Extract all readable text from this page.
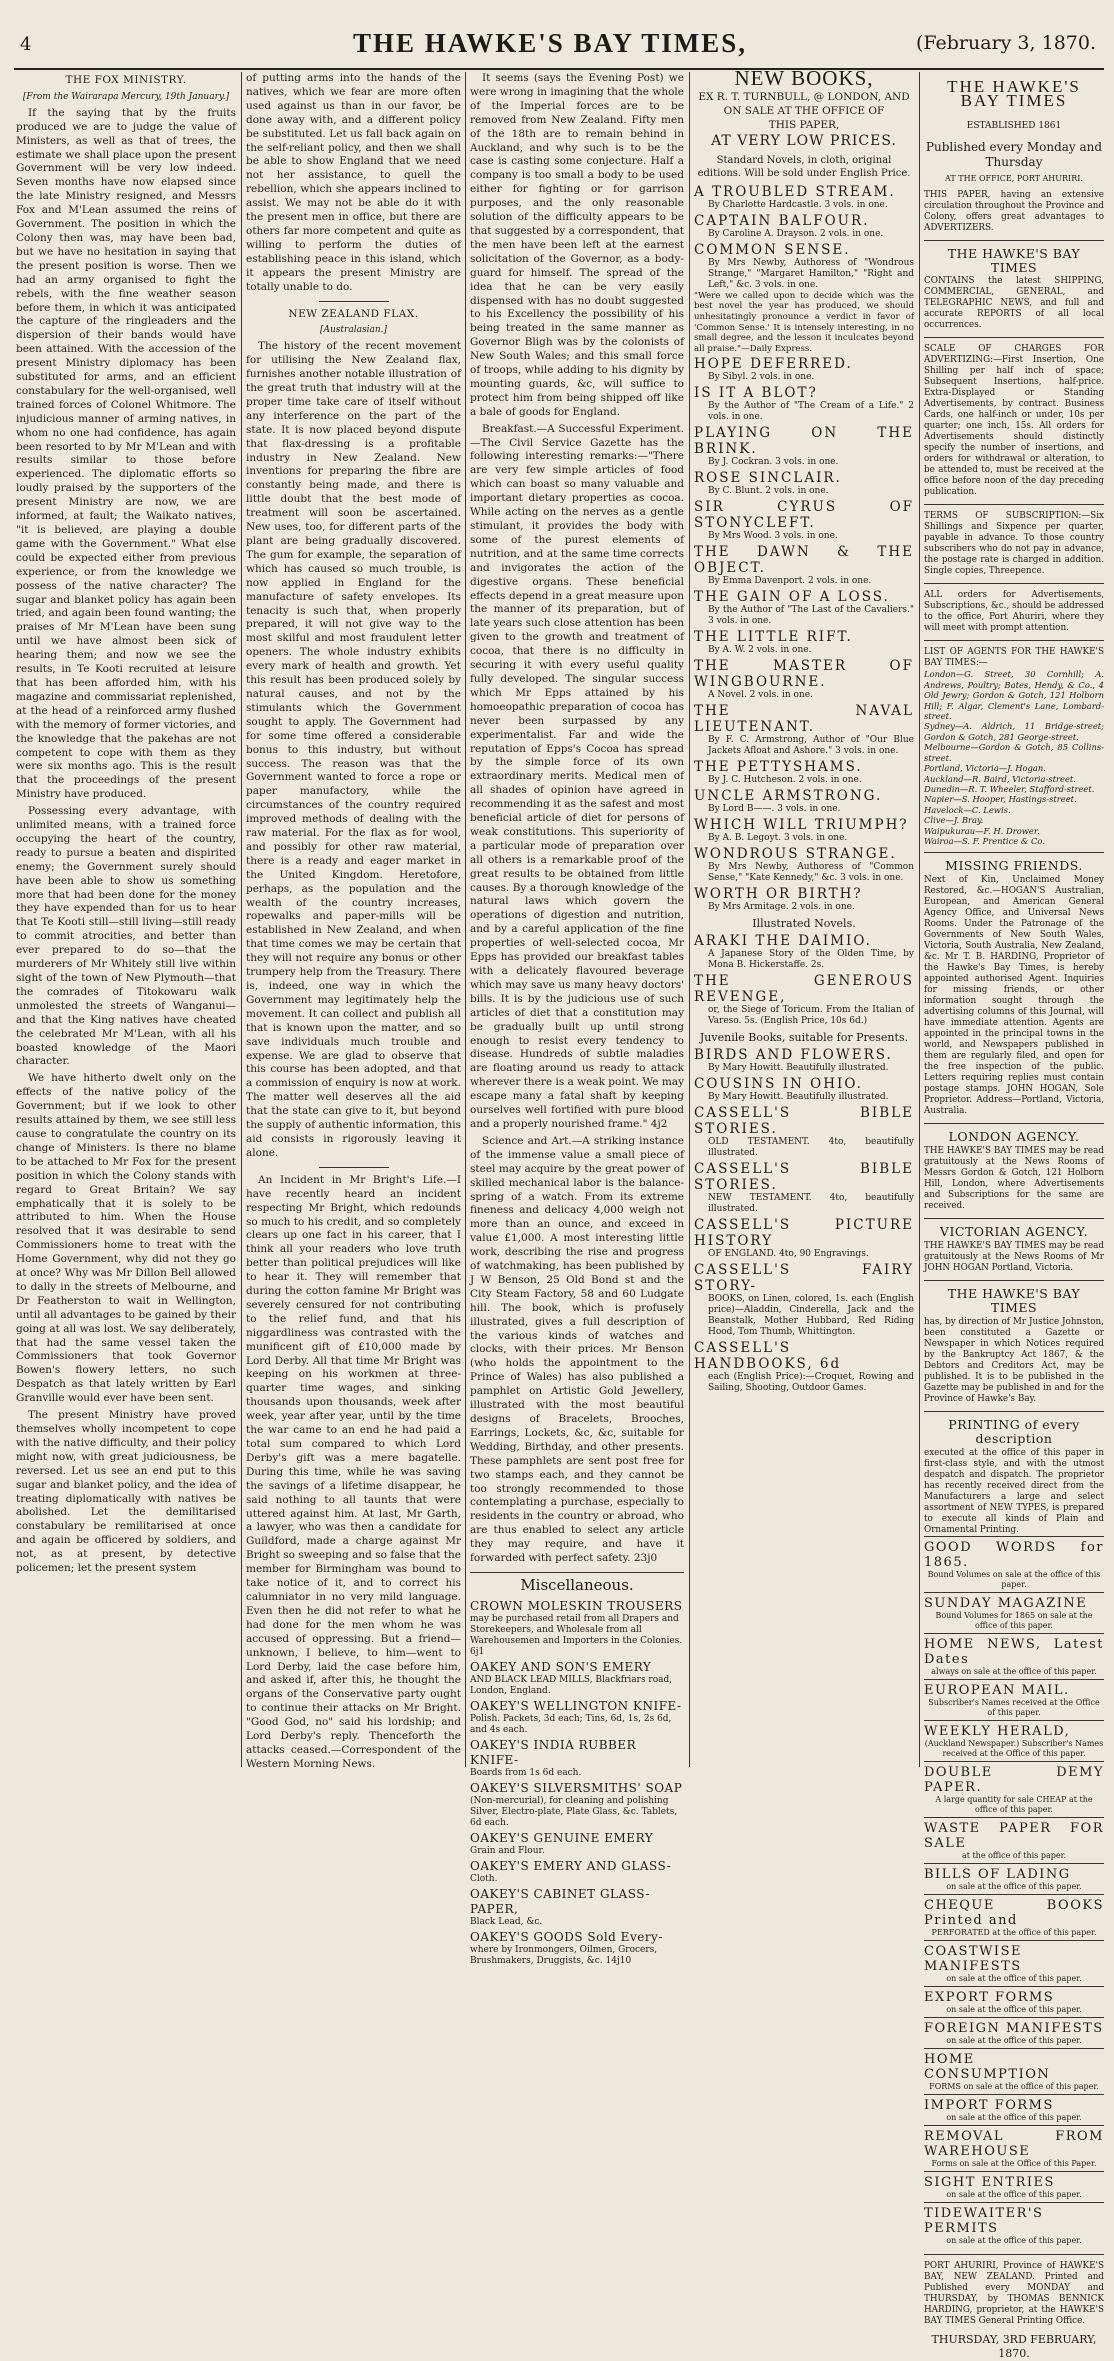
4	THE HAWKE'S BAY TIMES,	(February 3, 1870.
THE FOX MINISTRY.
[From the Wairarapa Mercury, 19th January.]

If the saying that by the fruits produced we are to judge the value of Ministers, as well as that of trees, the estimate we shall place upon the present Government will be very low indeed. Seven months have now elapsed since the late Ministry resigned, and Messrs Fox and M'Lean assumed the reins of Government. The position in which the Colony then was, may have been bad, but we have no hesitation in saying that the present position is worse. Then we had an army organised to fight the rebels, with the fine weather season before them, in which it was anticipated the capture of the ringleaders and the dispersion of their bands would have been attained. With the accession of the present Ministry diplomacy has been substituted for arms, and an efficient constabulary for the well-organised, well trained forces of Colonel Whitmore. The injudicious manner of arming natives, in whom no one had confidence, has again been resorted to by Mr M'Lean and with results similar to those before experienced. The diplomatic efforts so loudly praised by the supporters of the present Ministry are now, we are informed, at fault; the Waikato natives, "it is believed, are playing a double game with the Government." What else could be expected either from previous experience, or from the knowledge we possess of the native character? The sugar and blanket policy has again been tried, and again been found wanting; the praises of Mr M'Lean have been sung until we have almost been sick of hearing them; and now we see the results, in Te Kooti recruited at leisure that has been afforded him, with his magazine and commissariat replenished, at the head of a reinforced army flushed with the memory of former victories, and the knowledge that the pakehas are not competent to cope with them as they were six months ago. This is the result that the proceedings of the present Ministry have produced.

Possessing every advantage, with unlimited means, with a trained force occupying the heart of the country, ready to pursue a beaten and dispirited enemy; the Government surely should have been able to show us something more that had been done for the money they have expended than for us to hear that Te Kooti still—still living—still ready to commit atrocities, and better than ever prepared to do so—that the murderers of Mr Whitely still live within sight of the town of New Plymouth—that the comrades of Titokowaru walk unmolested the streets of Wanganui—and that the King natives have cheated the celebrated Mr M'Lean, with all his boasted knowledge of the Maori character.

We have hitherto dwelt only on the effects of the native policy of the Government; but if we look to other results attained by them, we see still less cause to congratulate the country on its change of Ministers. Is there no blame to be attached to Mr Fox for the present position in which the Colony stands with regard to Great Britain? We say emphatically that it is solely to be attributed to him. When the House resolved that it was desirable to send Commissioners home to treat with the Home Government, why did not they go at once? Why was Mr Dillon Bell allowed to dally in the streets of Melbourne, and Dr Featherston to wait in Wellington, until all advantages to be gained by their going at all was lost. We say deliberately, that had the same vessel taken the Commissioners that took Governor Bowen's flowery letters, no such Despatch as that lately written by Earl Granville would ever have been sent.

The present Ministry have proved themselves wholly incompetent to cope with the native difficulty, and their policy might now, with great judiciousness, be reversed. Let us see an end put to this sugar and blanket policy, and the idea of treating diplomatically with natives be abolished. Let the demilitarised constabulary be remilitarised at once and again be officered by soldiers, and not, as at present, by detective policemen; let the present system

of putting arms into the hands of the natives, which we fear are more often used against us than in our favor, be done away with, and a different policy be substituted. Let us fall back again on the self-reliant policy, and then we shall be able to show England that we need not her assistance, to quell the rebellion, which she appears inclined to assist. We may not be able do it with the present men in office, but there are others far more competent and quite as willing to perform the duties of establishing peace in this island, which it appears the present Ministry are totally unable to do.

NEW ZEALAND FLAX.
[Australasian.]

The history of the recent movement for utilising the New Zealand flax, furnishes another notable illustration of the great truth that industry will at the proper time take care of itself without any interference on the part of the state. It is now placed beyond dispute that flax-dressing is a profitable industry in New Zealand. New inventions for preparing the fibre are constantly being made, and there is little doubt that the best mode of treatment will soon be ascertained. New uses, too, for different parts of the plant are being gradually discovered. The gum for example, the separation of which has caused so much trouble, is now applied in England for the manufacture of safety envelopes. Its tenacity is such that, when properly prepared, it will not give way to the most skilful and most fraudulent letter openers. The whole industry exhibits every mark of health and growth. Yet this result has been produced solely by natural causes, and not by the stimulants which the Government sought to apply. The Government had for some time offered a considerable bonus to this industry, but without success. The reason was that the Government wanted to force a rope or paper manufactory, while the circumstances of the country required improved methods of dealing with the raw material. For the flax as for wool, and possibly for other raw material, there is a ready and eager market in the United Kingdom. Heretofore, perhaps, as the population and the wealth of the country increases, ropewalks and paper-mills will be established in New Zealand, and when that time comes we may be certain that they will not require any bonus or other trumpery help from the Treasury. There is, indeed, one way in which the Government may legitimately help the movement. It can collect and publish all that is known upon the matter, and so save individuals much trouble and expense. We are glad to observe that this course has been adopted, and that a commission of enquiry is now at work. The matter well deserves all the aid that the state can give to it, but beyond the supply of authentic information, this aid consists in rigorously leaving it alone.

An Incident in Mr Bright's Life.—I have recently heard an incident respecting Mr Bright, which redounds so much to his credit, and so completely clears up one fact in his career, that I think all your readers who love truth better than political prejudices will like to hear it. They will remember that during the cotton famine Mr Bright was severely censured for not contributing to the relief fund, and that his niggardliness was contrasted with the munificent gift of £10,000 made by Lord Derby. All that time Mr Bright was keeping on his workmen at three-quarter time wages, and sinking thousands upon thousands, week after week, year after year, until by the time the war came to an end he had paid a total sum compared to which Lord Derby's gift was a mere bagatelle. During this time, while he was saving the savings of a lifetime disappear, he said nothing to all taunts that were uttered against him. At last, Mr Garth, a lawyer, who was then a candidate for Guildford, made a charge against Mr Bright so sweeping and so false that the member for Birmingham was bound to take notice of it, and to correct his calumniator in no very mild language. Even then he did not refer to what he had done for the men whom he was accused of oppressing. But a friend—unknown, I believe, to him—went to Lord Derby, laid the case before him, and asked if, after this, he thought the organs of the Conservative party ought to continue their attacks on Mr Bright. "Good God, no" said his lordship; and Lord Derby's reply. Thenceforth the attacks ceased.—Correspondent of the Western Morning News.

It seems (says the Evening Post) we were wrong in imagining that the whole of the Imperial forces are to be removed from New Zealand. Fifty men of the 18th are to remain behind in Auckland, and why such is to be the case is casting some conjecture. Half a company is too small a body to be used either for fighting or for garrison purposes, and the only reasonable solution of the difficulty appears to be that suggested by a correspondent, that the men have been left at the earnest solicitation of the Governor, as a body-guard for himself. The spread of the idea that he can be very easily dispensed with has no doubt suggested to his Excellency the possibility of his being treated in the same manner as Governor Bligh was by the colonists of New South Wales; and this small force of troops, while adding to his dignity by mounting guards, &c, will suffice to protect him from being shipped off like a bale of goods for England.

Breakfast.—A Successful Experiment.—The Civil Service Gazette has the following interesting remarks:—"There are very few simple articles of food which can boast so many valuable and important dietary properties as cocoa. While acting on the nerves as a gentle stimulant, it provides the body with some of the purest elements of nutrition, and at the same time corrects and invigorates the action of the digestive organs. These beneficial effects depend in a great measure upon the manner of its preparation, but of late years such close attention has been given to the growth and treatment of cocoa, that there is no difficulty in securing it with every useful quality fully developed. The singular success which Mr Epps attained by his homoeopathic preparation of cocoa has never been surpassed by any experimentalist. Far and wide the reputation of Epps's Cocoa has spread by the simple force of its own extraordinary merits. Medical men of all shades of opinion have agreed in recommending it as the safest and most beneficial article of diet for persons of weak constitutions. This superiority of a particular mode of preparation over all others is a remarkable proof of the great results to be obtained from little causes. By a thorough knowledge of the natural laws which govern the operations of digestion and nutrition, and by a careful application of the fine properties of well-selected cocoa, Mr Epps has provided our breakfast tables with a delicately flavoured beverage which may save us many heavy doctors' bills. It is by the judicious use of such articles of diet that a constitution may be gradually built up until strong enough to resist every tendency to disease. Hundreds of subtle maladies are floating around us ready to attack wherever there is a weak point. We may escape many a fatal shaft by keeping ourselves well fortified with pure blood and a properly nourished frame." 4j2

Science and Art.—A striking instance of the immense value a small piece of steel may acquire by the great power of skilled mechanical labor is the balance-spring of a watch. From its extreme fineness and delicacy 4,000 weigh not more than an ounce, and exceed in value £1,000. A most interesting little work, describing the rise and progress of watchmaking, has been published by J W Benson, 25 Old Bond st and the City Steam Factory, 58 and 60 Ludgate hill. The book, which is profusely illustrated, gives a full description of the various kinds of watches and clocks, with their prices. Mr Benson (who holds the appointment to the Prince of Wales) has also published a pamphlet on Artistic Gold Jewellery, illustrated with the most beautiful designs of Bracelets, Brooches, Earrings, Lockets, &c, &c, suitable for Wedding, Birthday, and other presents. These pamphlets are sent post free for two stamps each, and they cannot be too strongly recommended to those contemplating a purchase, especially to residents in the country or abroad, who are thus enabled to select any article they may require, and have it forwarded with perfect safety. 23j0

Miscellaneous.
CROWN MOLESKIN TROUSERS
may be purchased retail from all Drapers and Storekeepers, and Wholesale from all Warehousemen and Importers in the Colonies. 6j1
OAKEY AND SON'S EMERY
AND BLACK LEAD MILLS, Blackfriars road, London, England.
OAKEY'S WELLINGTON KNIFE-
Polish. Packets, 3d each; Tins, 6d, 1s, 2s 6d, and 4s each.
OAKEY'S INDIA RUBBER KNIFE-
Boards from 1s 6d each.
OAKEY'S SILVERSMITHS' SOAP
(Non-mercurial), for cleaning and polishing Silver, Electro-plate, Plate Glass, &c. Tablets, 6d each.
OAKEY'S GENUINE EMERY
Grain and Flour.
OAKEY'S EMERY AND GLASS-
Cloth.
OAKEY'S CABINET GLASS-PAPER,
Black Lead, &c.
OAKEY'S GOODS Sold Every-
where by Ironmongers, Oilmen, Grocers, Brushmakers, Druggists, &c. 14j10
NEW BOOKS,
EX R. T. TURNBULL, @ LONDON, AND
ON SALE AT THE OFFICE OF
THIS PAPER,
AT VERY LOW PRICES.
Standard Novels, in cloth, original editions. Will be sold under English Price.
A TROUBLED STREAM.
By Charlotte Hardcastle. 3 vols. in one.
CAPTAIN BALFOUR.
By Caroline A. Drayson. 2 vols. in one.
COMMON SENSE.
By Mrs Newby, Authoress of "Wondrous Strange," "Margaret Hamilton," "Right and Left," &c. 3 vols. in one.
"Were we called upon to decide which was the best novel the year has produced, we should unhesitatingly pronounce a verdict in favor of 'Common Sense.' It is intensely interesting, in no small degree, and the lesson it inculcates beyond all praise."—Daily Express.
HOPE DEFERRED.
By Sibyl. 2 vols. in one.
IS IT A BLOT?
By the Author of "The Cream of a Life." 2 vols. in one.
PLAYING ON THE BRINK.
By J. Cockran. 3 vols. in one.
ROSE SINCLAIR.
By C. Blunt. 2 vols. in one.
SIR CYRUS OF STONYCLEFT.
By Mrs Wood. 3 vols. in one.
THE DAWN & THE OBJECT.
By Emma Davenport. 2 vols. in one.
THE GAIN OF A LOSS.
By the Author of "The Last of the Cavaliers." 3 vols. in one.
THE LITTLE RIFT.
By A. W. 2 vols. in one.
THE MASTER OF WINGBOURNE.
A Novel. 2 vols. in one.
THE NAVAL LIEUTENANT.
By F. C. Armstrong, Author of "Our Blue Jackets Afloat and Ashore." 3 vols. in one.
THE PETTYSHAMS.
By J. C. Hutcheson. 2 vols. in one.
UNCLE ARMSTRONG.
By Lord B——. 3 vols. in one.
WHICH WILL TRIUMPH?
By A. B. Legoyt. 3 vols. in one.
WONDROUS STRANGE.
By Mrs Newby, Authoress of "Common Sense," "Kate Kennedy," &c. 3 vols. in one.
WORTH OR BIRTH?
By Mrs Armitage. 2 vols. in one.
Illustrated Novels.
ARAKI THE DAIMIO.
A Japanese Story of the Olden Time, by Mona B. Hickerstaffe. 2s.
THE GENEROUS REVENGE,
or, the Siege of Toricum. From the Italian of Vareso. 5s. (English Price, 10s 6d.)
Juvenile Books, suitable for Presents.
BIRDS AND FLOWERS.
By Mary Howitt. Beautifully illustrated.
COUSINS IN OHIO.
By Mary Howitt. Beautifully illustrated.
CASSELL'S BIBLE STORIES.
OLD TESTAMENT. 4to, beautifully illustrated.
CASSELL'S BIBLE STORIES.
NEW TESTAMENT. 4to, beautifully illustrated.
CASSELL'S PICTURE HISTORY
OF ENGLAND. 4to, 90 Engravings.
CASSELL'S FAIRY STORY-
BOOKS, on Linen, colored, 1s. each (English price)—Aladdin, Cinderella, Jack and the Beanstalk, Mother Hubbard, Red Riding Hood, Tom Thumb, Whittington.
CASSELL'S HANDBOOKS, 6d
each (English Price):—Croquet, Rowing and Sailing, Shooting, Outdoor Games.
THE HAWKE'S BAY TIMES
ESTABLISHED 1861
Published every Monday and Thursday
AT THE OFFICE, PORT AHURIRI.
THIS PAPER, having an extensive circulation throughout the Province and Colony, offers great advantages to ADVERTIZERS.
THE HAWKE'S BAY TIMES
CONTAINS the latest SHIPPING, COMMERCIAL, GENERAL, and TELEGRAPHIC NEWS, and full and accurate REPORTS of all local occurrences.
SCALE OF CHARGES FOR ADVERTIZING:—First Insertion, One Shilling per half inch of space; Subsequent Insertions, half-price. Extra-Displayed or Standing Advertisements, by contract. Business Cards, one half-inch or under, 10s per quarter; one inch, 15s. All orders for Advertisements should distinctly specify the number of insertions, and orders for withdrawal or alteration, to be attended to, must be received at the office before noon of the day preceding publication.
TERMS OF SUBSCRIPTION:—Six Shillings and Sixpence per quarter, payable in advance. To those country subscribers who do not pay in advance, the postage rate is charged in addition. Single copies, Threepence.
ALL orders for Advertisements, Subscriptions, &c., should be addressed to the office, Port Ahuriri, where they will meet with prompt attention.
LIST OF AGENTS FOR THE HAWKE'S BAY TIMES:—
London—G. Street, 30 Cornhill; A. Andrews, Poultry; Bates, Hendy, & Co., 4 Old Jewry; Gordon & Gotch, 121 Holborn Hill; F. Algar, Clement's Lane, Lombard-street.
Sydney—A. Aldrich, 11 Bridge-street; Gordon & Gotch, 281 George-street.
Melbourne—Gordon & Gotch, 85 Collins-street.
Portland, Victoria—J. Hogan.
Auckland—R. Baird, Victoria-street.
Dunedin—R. T. Wheeler, Stafford-street.
Napier—S. Hooper, Hastings-street.
Havelock—C. Lewis.
Clive—J. Bray.
Waipukurau—F. H. Drower.
Wairoa—S. F. Prentice & Co.
MISSING FRIENDS.
Next of Kin, Unclaimed Money Restored, &c.—HOGAN'S Australian, European, and American General Agency Office, and Universal News Rooms. Under the Patronage of the Governments of New South Wales, Victoria, South Australia, New Zealand, &c. Mr T. B. HARDING, Proprietor of the Hawke's Bay Times, is hereby appointed authorised Agent. Inquiries for missing friends, or other information sought through the advertising columns of this Journal, will have immediate attention. Agents are appointed in the principal towns in the world, and Newspapers published in them are regularly filed, and open for the free inspection of the public. Letters requiring replies must contain postage stamps. JOHN HOGAN, Sole Proprietor. Address—Portland, Victoria, Australia.
LONDON AGENCY.
THE HAWKE'S BAY TIMES may be read gratuitously at the News Rooms of Messrs Gordon & Gotch, 121 Holborn Hill, London, where Advertisements and Subscriptions for the same are received.
VICTORIAN AGENCY.
THE HAWKE'S BAY TIMES may be read gratuitously at the News Rooms of Mr JOHN HOGAN Portland, Victoria.
THE HAWKE'S BAY TIMES
has, by direction of Mr Justice Johnston, been constituted a Gazette or Newspaper in which Notices required by the Bankruptcy Act 1867, & the Debtors and Creditors Act, may be published. It is to be published in the Gazette may be published in and for the Province of Hawke's Bay.
PRINTING of every description
executed at the office of this paper in first-class style, and with the utmost despatch and dispatch. The proprietor has recently received direct from the Manufacturers a large and select assortment of NEW TYPES, is prepared to execute all kinds of Plain and Ornamental Printing.
GOOD WORDS for 1865.
Bound Volumes on sale at the office of this paper.
SUNDAY MAGAZINE
Bound Volumes for 1865 on sale at the office of this paper.
HOME NEWS, Latest Dates
always on sale at the office of this paper.
EUROPEAN MAIL.
Subscriber's Names received at the Office of this paper.
WEEKLY HERALD,
(Auckland Newspaper.) Subscriber's Names received at the Office of this paper.
DOUBLE DEMY PAPER.
A large quantity for sale CHEAP at the office of this paper.
WASTE PAPER FOR SALE
at the office of this paper.
BILLS OF LADING
on sale at the office of this paper.
CHEQUE BOOKS Printed and
PERFORATED at the office of this paper.
COASTWISE MANIFESTS
on sale at the office of this paper.
EXPORT FORMS
on sale at the office of this paper.
FOREIGN MANIFESTS
on sale at the office of this paper.
HOME CONSUMPTION
FORMS on sale at the office of this paper.
IMPORT FORMS
on sale at the office of this paper.
REMOVAL FROM WAREHOUSE
Forms on sale at the Office of this Paper.
SIGHT ENTRIES
on sale at the office of this paper.
TIDEWAITER'S PERMITS
on sale at the office of this paper.
PORT AHURIRI, Province of HAWKE'S BAY, NEW ZEALAND. Printed and Published every MONDAY and THURSDAY, by THOMAS BENNICK HARDING, proprietor, at the HAWKE'S BAY TIMES General Printing Office.
THURSDAY, 3RD FEBRUARY, 1870.
